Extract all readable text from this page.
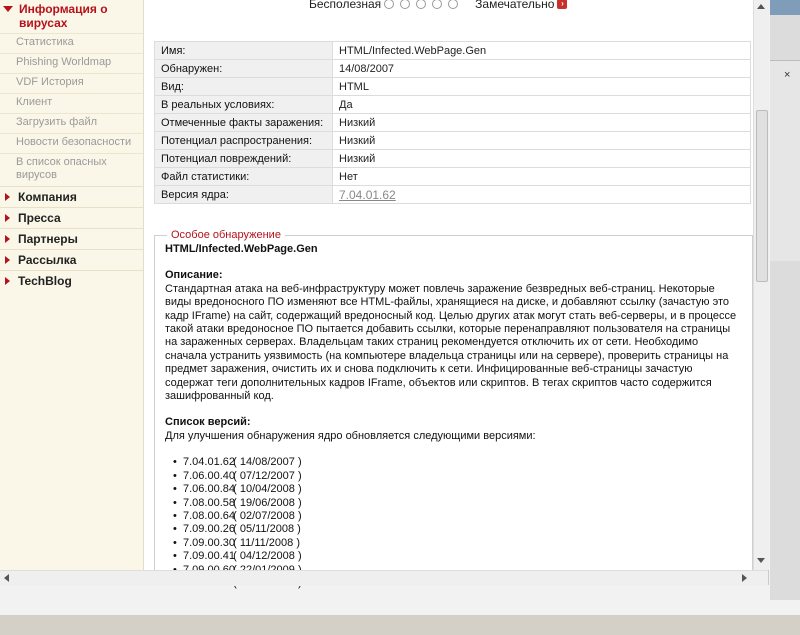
Информация о вирусах
Статистика
Phishing Worldmap
VDF История
Клиент
Загрузить файл
Новости безопасности
В список опасных вирусов
Компания
Пресса
Партнеры
Рассылка
TechBlog
Бесполезная	Замечательно ›
Имя:	HTML/Infected.WebPage.Gen
Обнаружен:	14/08/2007
Вид:	HTML
В реальных условиях:	Да
Отмеченные факты заражения:	Низкий
Потенциал распространения:	Низкий
Потенциал повреждений:	Низкий
Файл статистики:	Нет
Версия ядра:	7.04.01.62
Особое обнаружение
HTML/Infected.WebPage.Gen
Описание:
Стандартная атака на веб-инфраструктуру может повлечь заражение безвредных веб-страниц. Некоторые виды вредоносного ПО изменяют все HTML-файлы, хранящиеся на диске, и добавляют ссылку (зачастую это кадр IFrame) на сайт, содержащий вредоносный код. Целью других атак могут стать веб-серверы, и в процессе такой атаки вредоносное ПО пытается добавить ссылки, которые перенаправляют пользователя на страницы на зараженных серверах. Владельцам таких страниц рекомендуется отключить их от сети. Необходимо сначала устранить уязвимость (на компьютере владельца страницы или на сервере), проверить страницы на предмет заражения, очистить их и снова подключить к сети. Инфицированные веб-страницы зачастую содержат теги дополнительных кадров IFrame, объектов или скриптов. В тегах скриптов часто содержится зашифрованный код.
Список версий:
Для улучшения обнаружения ядро обновляется следующими версиями:
• 7.04.01.62

( 14/08/2007 )
• 7.06.00.40

( 07/12/2007 )
• 7.06.00.84

( 10/04/2008 )
• 7.08.00.58

( 19/06/2008 )
• 7.08.00.64

( 02/07/2008 )
• 7.09.00.26

( 05/11/2008 )
• 7.09.00.30

( 11/11/2008 )
• 7.09.00.41

( 04/12/2008 )

×
